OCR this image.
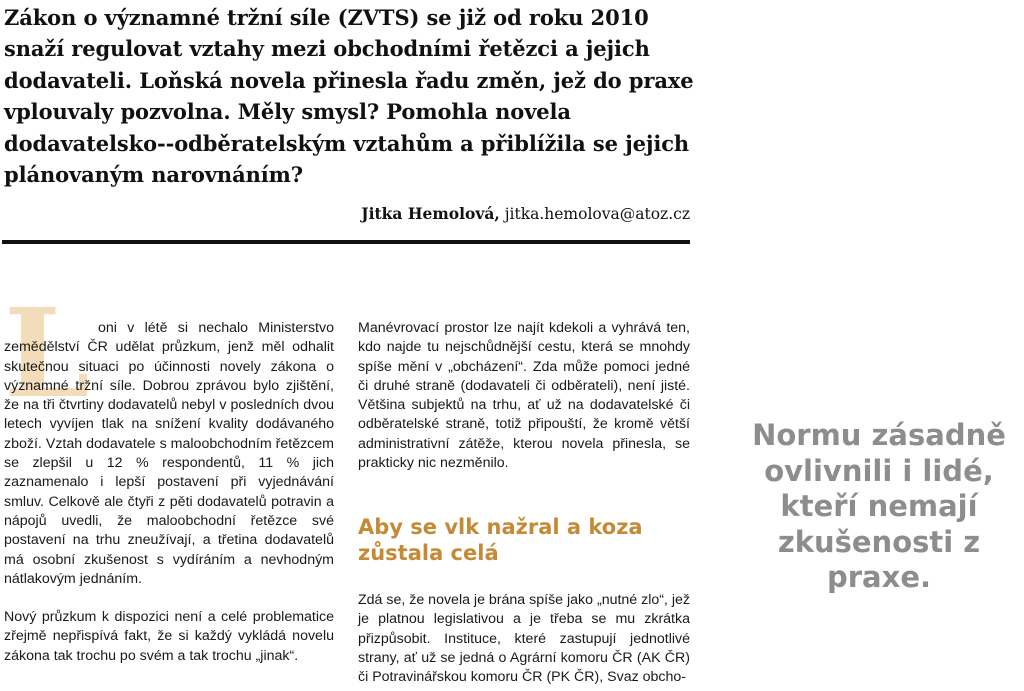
Zákon o významné tržní síle (ZVTS) se již od roku 2010 snaží regulovat vztahy mezi obchodními řetězci a jejich dodavateli. Loňská novela přinesla řadu změn, jež do praxe vplouvaly pozvolna. Měly smysl? Pomohla novela dodavatelsko--odběratelským vztahům a přiblížila se jejich plánovaným narovnáním?

Jitka Hemolová, jitka.hemolova@atoz.cz

L oni v létě si nechalo Ministerstvo zemědělství ČR udělat průzkum, jenž měl odhalit skutečnou situaci po účinnosti novely zákona o významné tržní síle. Dobrou zprávou bylo zjištění, že na tři čtvrtiny dodavatelů nebyl v posledních dvou letech vyvíjen tlak na snížení kvality dodávaného zboží. Vztah dodavatele s maloobchodním řetězcem se zlepšil u 12 % respondentů, 11 % jich zaznamenalo i lepší postavení při vyjednávání smluv. Celkově ale čtyři z pěti dodavatelů potravin a nápojů uvedli, že maloobchodní řetězce své postavení na trhu zneužívají, a třetina dodavatelů má osobní zkušenost s vydíráním a nevhodným nátlakovým jednáním.

Nový průzkum k dispozici není a celé problematice zřejmě nepřispívá fakt, že si každý vykládá novelu zákona tak trochu po svém a tak trochu „jinak“.

Manévrovací prostor lze najít kdekoli a vyhrává ten, kdo najde tu nejschůdnější cestu, která se mnohdy spíše mění v „obcházení“. Zda může pomoci jedné či druhé straně (dodavateli či odběrateli), není jisté. Většina subjektů na trhu, ať už na dodavatelské či odběratelské straně, totiž připouští, že kromě větší administrativní zátěže, kterou novela přinesla, se prakticky nic nezměnilo.

Aby se vlk nažral a koza zůstala celá

Zdá se, že novela je brána spíše jako „nutné zlo“, jež je platnou legislativou a je třeba se mu zkrátka přizpůsobit. Instituce, které zastupují jednotlivé strany, ať už se jedná o Agrární komoru ČR (AK ČR) či Potravinářskou komoru ČR (PK ČR), Svaz obcho-

Normu zásadně ovlivnili i lidé, kteří nemají zkušenosti z praxe.
